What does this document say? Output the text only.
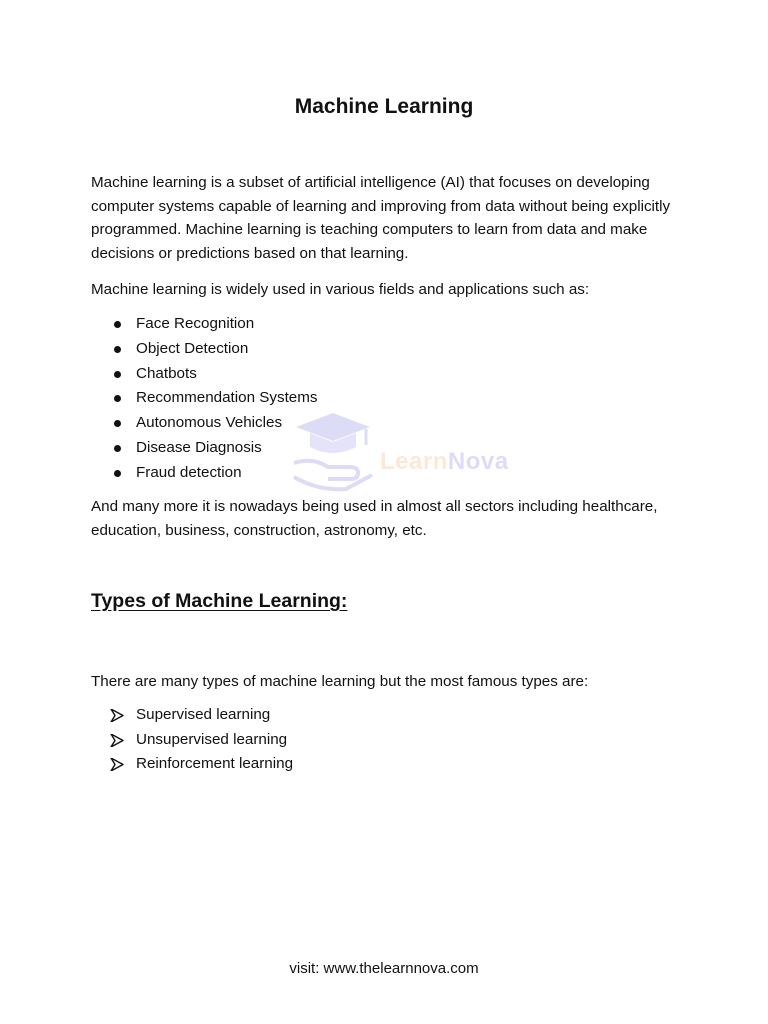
LearnNova
Machine Learning

Machine learning is a subset of artificial intelligence (AI) that focuses on developing computer systems capable of learning and improving from data without being explicitly programmed. Machine learning is teaching computers to learn from data and make decisions or predictions based on that learning.

Machine learning is widely used in various fields and applications such as:

Face Recognition
Object Detection
Chatbots
Recommendation Systems
Autonomous Vehicles
Disease Diagnosis
Fraud detection

And many more it is nowadays being used in almost all sectors including healthcare, education, business, construction, astronomy, etc.

Types of Machine Learning:

There are many types of machine learning but the most famous types are:

Supervised learning
Unsupervised learning
Reinforcement learning
visit: www.thelearnnova.com
